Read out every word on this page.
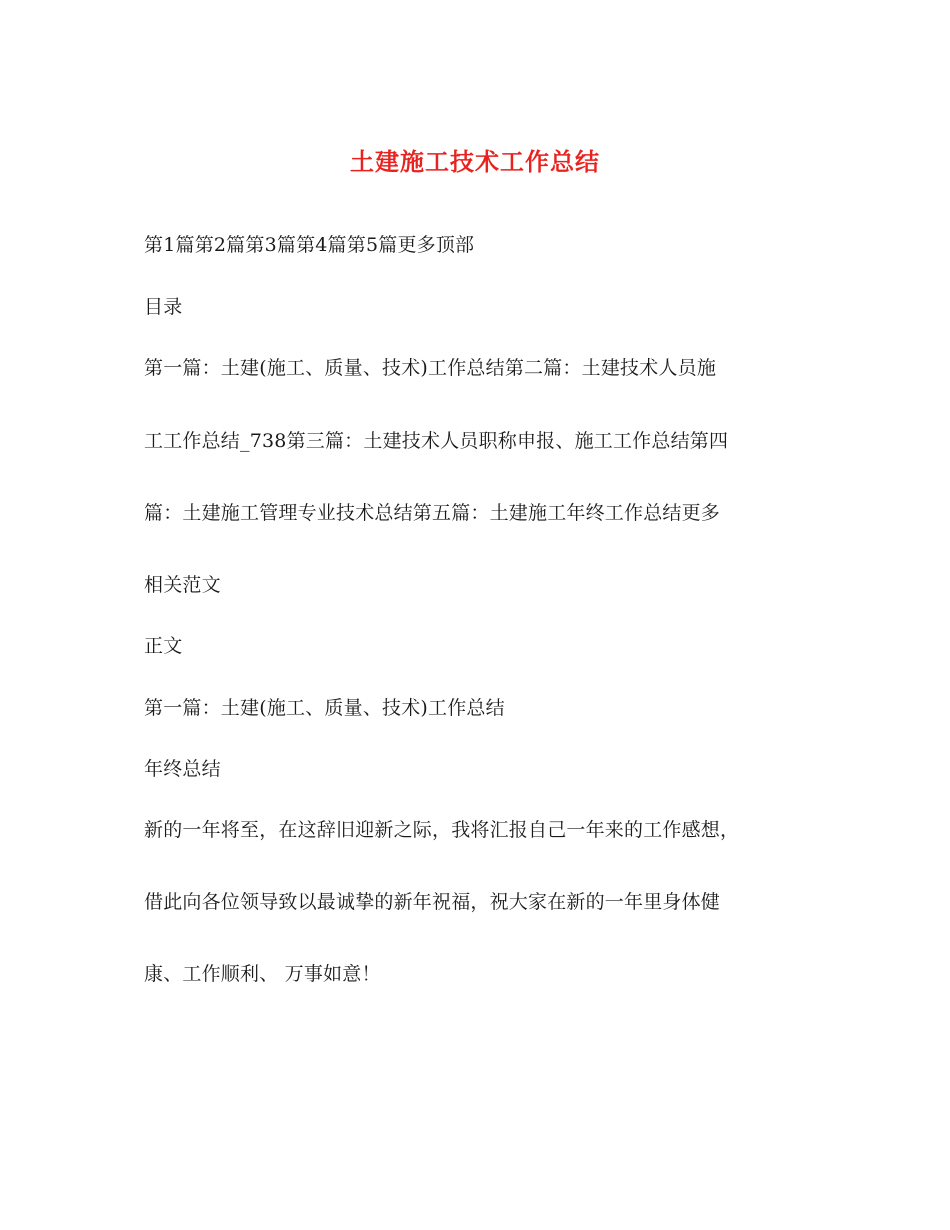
土建施工技术工作总结
第1篇第2篇第3篇第4篇第5篇更多顶部
目录
第一篇：土建(施工、质量、技术)工作总结第二篇：土建技术人员施
工工作总结_738第三篇：土建技术人员职称申报、施工工作总结第四
篇：土建施工管理专业技术总结第五篇：土建施工年终工作总结更多
相关范文
正文
第一篇：土建(施工、质量、技术)工作总结
年终总结
新的一年将至，在这辞旧迎新之际，我将汇报自己一年来的工作感想，
借此向各位领导致以最诚挚的新年祝福，祝大家在新的一年里身体健
康、工作顺利、 万事如意！
